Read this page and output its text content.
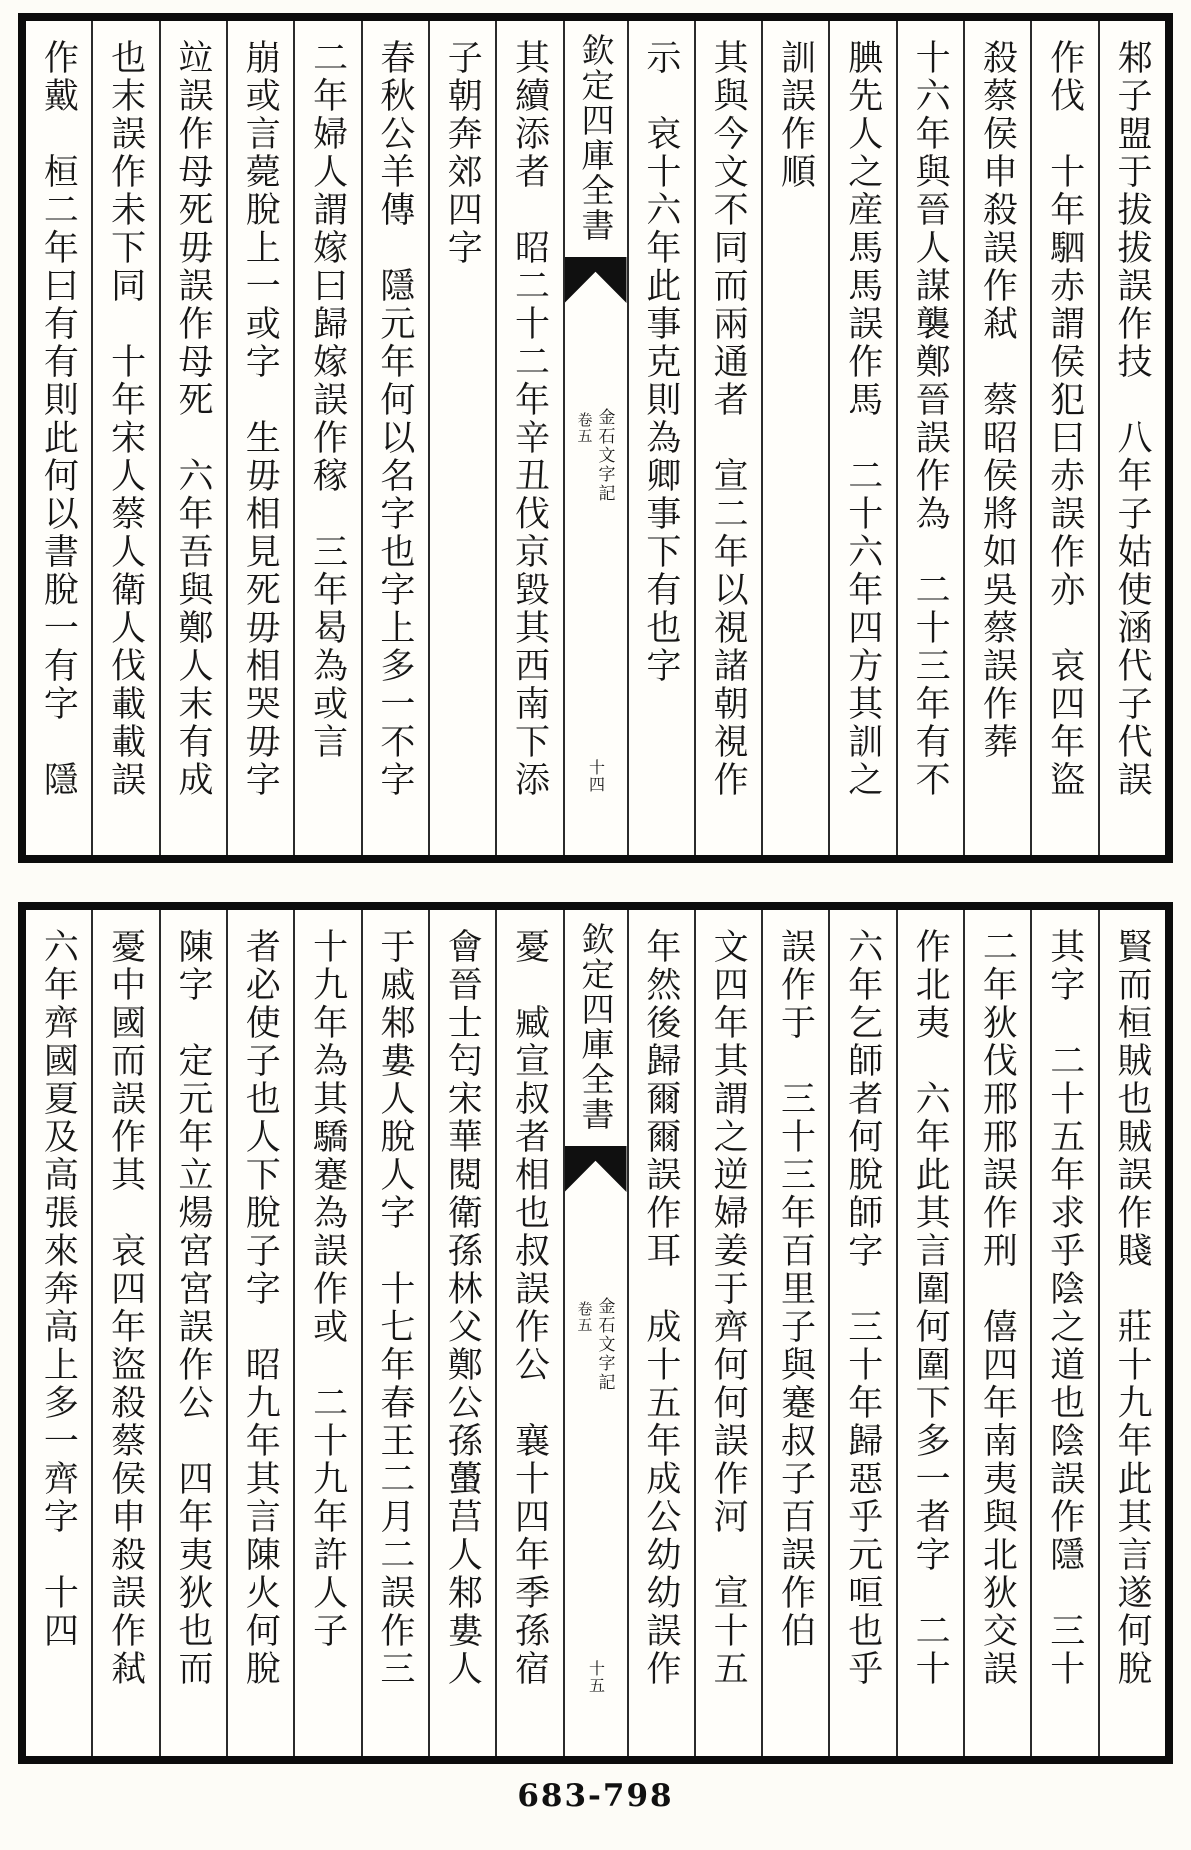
邾子盟于拔拔誤作技　八年子姑使涵代子代誤
作伐　十年駟赤謂侯犯曰赤誤作亦　哀四年盜
殺蔡侯申殺誤作弒　蔡昭侯將如吳蔡誤作葬
十六年與晉人謀襲鄭晉誤作為　二十三年有不
腆先人之産馬馬誤作馬　二十六年四方其訓之
訓誤作順
其與今文不同而兩通者　宣二年以視諸朝視作
示　哀十六年此事克則為卿事下有也字
欽定四庫全書
金石文字記
卷五
十四
其續添者　昭二十二年辛丑伐京毀其西南下添
子朝奔郊四字
春秋公羊傳　隱元年何以名字也字上多一不字
二年婦人謂嫁曰歸嫁誤作稼　三年曷為或言
崩或言薨脫上一或字　生毋相見死毋相哭毋字
竝誤作母死毋誤作母死　六年吾與鄭人末有成
也末誤作未下同　十年宋人蔡人衛人伐載載誤
作戴　桓二年曰有有則此何以書脫一有字　隱
賢而桓賊也賊誤作賤　莊十九年此其言遂何脫
其字　二十五年求乎陰之道也陰誤作隱　三十
二年狄伐邢邢誤作刑　僖四年南夷與北狄交誤
作北夷　六年此其言圍何圍下多一者字　二十
六年乞師者何脫師字　三十年歸惡乎元咺也乎
誤作于　三十三年百里子與蹇叔子百誤作伯
文四年其謂之逆婦姜于齊何何誤作河　宣十五
年然後歸爾爾誤作耳　成十五年成公幼幼誤作
欽定四庫全書
金石文字記
卷五
十五
憂　臧宣叔者相也叔誤作公　襄十四年季孫宿
會晉士匄宋華閱衛孫林父鄭公孫蠆莒人邾婁人
于戚邾婁人脫人字　十七年春王二月二誤作三
十九年為其驕蹇為誤作或　二十九年許人子
者必使子也人下脫子字　昭九年其言陳火何脫
陳字　定元年立煬宮宮誤作公　四年夷狄也而
憂中國而誤作其　哀四年盜殺蔡侯申殺誤作弒
六年齊國夏及高張來奔高上多一齊字　十四
683-798
